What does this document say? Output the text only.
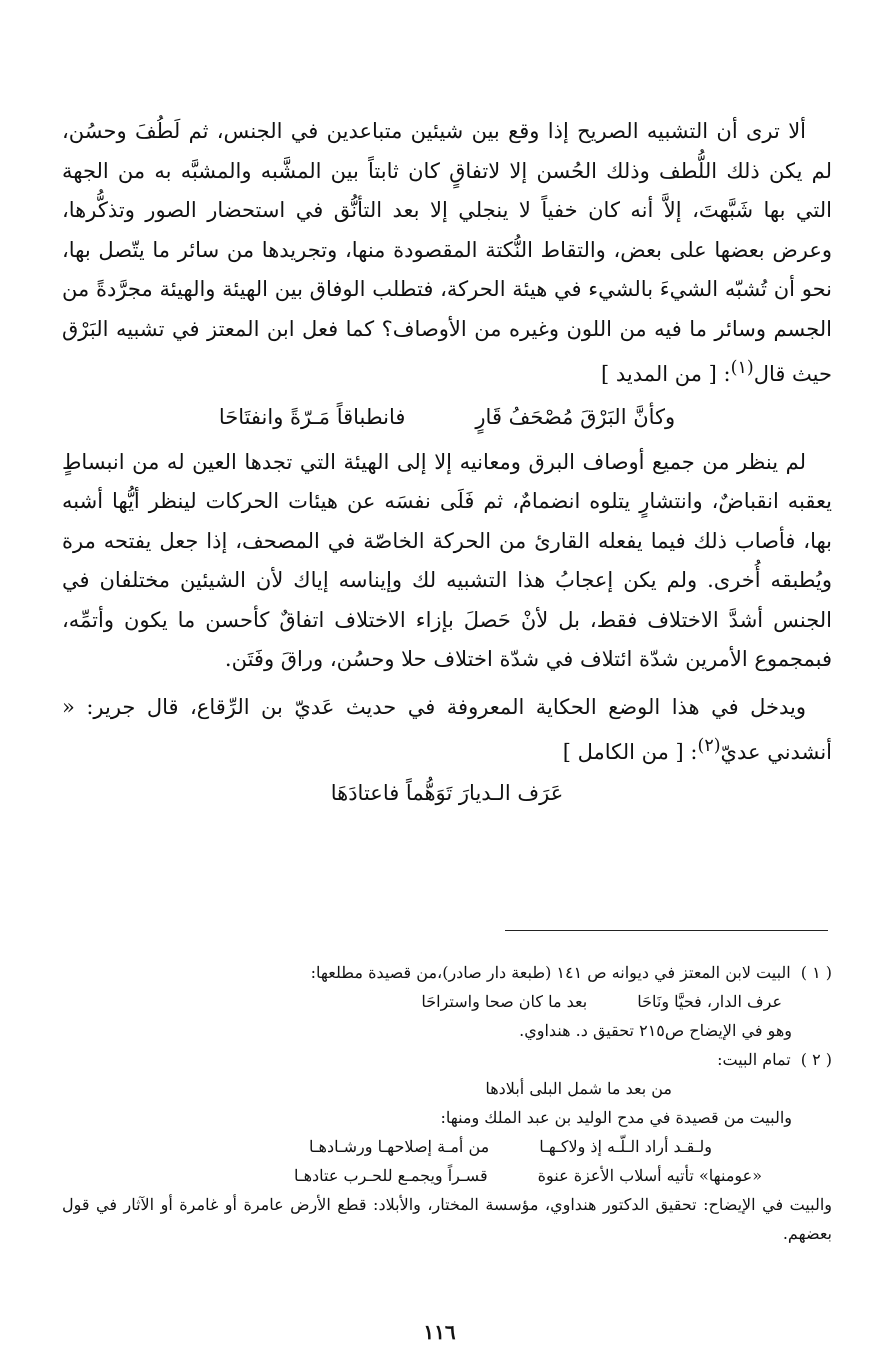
ألا ترى أن التشبيه الصريح إذا وقع بين شيئين متباعدين في الجنس، ثم لَطُفَ وحسُن، لم يكن ذلك اللُّطف وذلك الحُسن إلا لاتفاقٍ كان ثابتاً بين المشَّبه والمشبَّه به من الجهة التي بها شَبَّهتَ، إلاَّ أنه كان خفياً لا ينجلي إلا بعد التأنُّق في استحضار الصور وتذكُّرها، وعرض بعضها على بعض، والتقاط النُّكتة المقصودة منها، وتجريدها من سائر ما يتّصل بها، نحو أن تُشبّه الشيءَ بالشيء في هيئة الحركة، فتطلب الوفاق بين الهيئة والهيئة مجرَّدةً من الجسم وسائر ما فيه من اللون وغيره من الأوصاف؟ كما فعل ابن المعتز في تشبيه البَرْق حيث قال$^{(١)}$: [ من المديد ]

وكأنَّ البَرْقَ مُصْحَفُ قَارٍ
فانطباقاً مَـرّةً وانفتَاحَا

لم ينظر من جميع أوصاف البرق ومعانيه إلا إلى الهيئة التي تجدها العين له من انبساطٍ يعقبه انقباضٌ، وانتشارٍ يتلوه انضمامٌ، ثم فَلَى نفسَه عن هيئات الحركات لينظر أيُّها أشبه بها، فأصاب ذلك فيما يفعله القارئ من الحركة الخاصّة في المصحف، إذا جعل يفتحه مرة ويُطبقه أُخرى. ولم يكن إعجابُ هذا التشبيه لك وإيناسه إياك لأن الشيئين مختلفان في الجنس أشدَّ الاختلاف فقط، بل لأنْ حَصلَ بإزاء الاختلاف اتفاقٌ كأحسن ما يكون وأتمِّه، فبمجموع الأمرين شدّة ائتلاف في شدّة اختلاف حلا وحسُن، وراقَ وفَتَن.

ويدخل في هذا الوضع الحكاية المعروفة في حديث عَديّ بن الرِّقاع، قال جرير: « أنشدني عديّ$^{(٢)}$: [ من الكامل ]

عَرَف الـديارَ تَوَهُّماً فاعتادَهَا

( ١ )البيت لابن المعتز في ديوانه ص ١٤١ (طبعة دار صادر)،من قصيدة مطلعها:

عرف الدار، فحيَّا ونَاحَا
بعد ما كان صحا واستراحَا

وهو في الإيضاح ص٢١٥ تحقيق د. هنداوي.

( ٢ )تمام البيت:

من بعد ما شمل البلى أبلادها

والبيت من قصيدة في مدح الوليد بن عبد الملك ومنها:

ولـقـد أراد الـلّـه إذ ولاكـهـا
من أمـة إصلاحهـا ورشـادهـا
«عومنها» تأتيه أسلاب الأعزة عنوة
قسـراً ويجمـع للحـرب عتادهـا

والبيت في الإيضاح: تحقيق الدكتور هنداوي، مؤسسة المختار، والأبلاد: قطع الأرض عامرة أو غامرة أو الآثار في قول بعضهم.

١١٦
